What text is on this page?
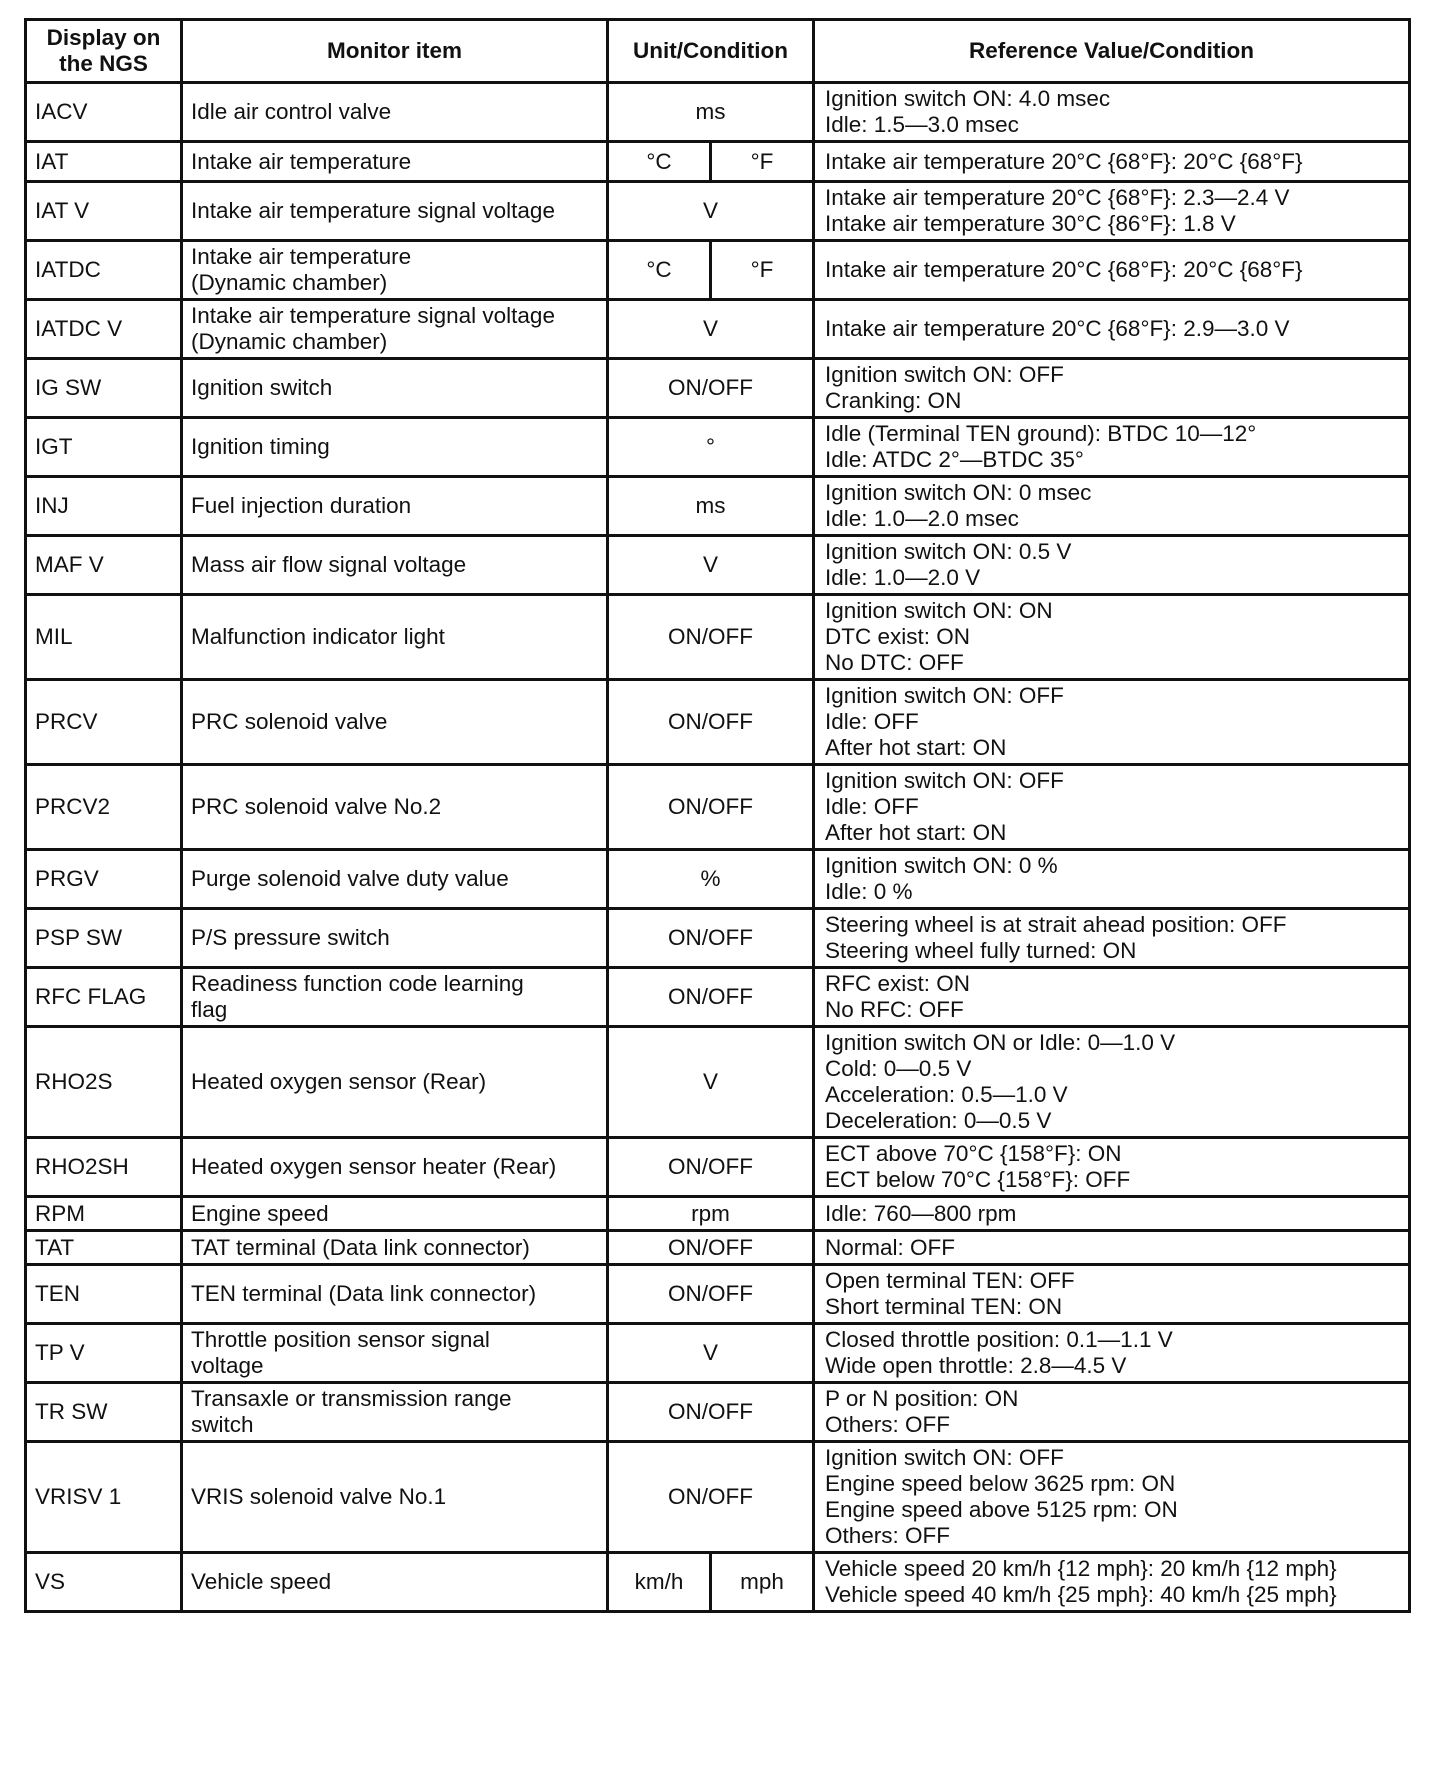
Display on
the NGS	Monitor item	Unit/Condition		Reference Value/Condition
IACV	Idle air control valve	ms		Ignition switch ON: 4.0 msec
Idle: 1.5—3.0 msec
IAT	Intake air temperature	°C	°F	Intake air temperature 20°C {68°F}: 20°C {68°F}
IAT V	Intake air temperature signal voltage	V		Intake air temperature 20°C {68°F}: 2.3—2.4 V
Intake air temperature 30°C {86°F}: 1.8 V
IATDC	Intake air temperature
(Dynamic chamber)	°C	°F	Intake air temperature 20°C {68°F}: 20°C {68°F}
IATDC V	Intake air temperature signal voltage
(Dynamic chamber)	V		Intake air temperature 20°C {68°F}: 2.9—3.0 V
IG SW	Ignition switch	ON/OFF		Ignition switch ON: OFF
Cranking: ON
IGT	Ignition timing	°		Idle (Terminal TEN ground): BTDC 10—12°
Idle: ATDC 2°—BTDC 35°
INJ	Fuel injection duration	ms		Ignition switch ON: 0 msec
Idle: 1.0—2.0 msec
MAF V	Mass air flow signal voltage	V		Ignition switch ON: 0.5 V
Idle: 1.0—2.0 V
MIL	Malfunction indicator light	ON/OFF		Ignition switch ON: ON
DTC exist: ON
No DTC: OFF
PRCV	PRC solenoid valve	ON/OFF		Ignition switch ON: OFF
Idle: OFF
After hot start: ON
PRCV2	PRC solenoid valve No.2	ON/OFF		Ignition switch ON: OFF
Idle: OFF
After hot start: ON
PRGV	Purge solenoid valve duty value	%		Ignition switch ON: 0 %
Idle: 0 %
PSP SW	P/S pressure switch	ON/OFF		Steering wheel is at strait ahead position: OFF
Steering wheel fully turned: ON
RFC FLAG	Readiness function code learning
flag	ON/OFF		RFC exist: ON
No RFC: OFF
RHO2S	Heated oxygen sensor (Rear)	V		Ignition switch ON or Idle: 0—1.0 V
Cold: 0—0.5 V
Acceleration: 0.5—1.0 V
Deceleration: 0—0.5 V
RHO2SH	Heated oxygen sensor heater (Rear)	ON/OFF		ECT above 70°C {158°F}: ON
ECT below 70°C {158°F}: OFF
RPM	Engine speed	rpm		Idle: 760—800 rpm
TAT	TAT terminal (Data link connector)	ON/OFF		Normal: OFF
TEN	TEN terminal (Data link connector)	ON/OFF		Open terminal TEN: OFF
Short terminal TEN: ON
TP V	Throttle position sensor signal
voltage	V		Closed throttle position: 0.1—1.1 V
Wide open throttle: 2.8—4.5 V
TR SW	Transaxle or transmission range
switch	ON/OFF		P or N position: ON
Others: OFF
VRISV 1	VRIS solenoid valve No.1	ON/OFF		Ignition switch ON: OFF
Engine speed below 3625 rpm: ON
Engine speed above 5125 rpm: ON
Others: OFF
VS	Vehicle speed	km/h	mph	Vehicle speed 20 km/h {12 mph}: 20 km/h {12 mph}
Vehicle speed 40 km/h {25 mph}: 40 km/h {25 mph}
